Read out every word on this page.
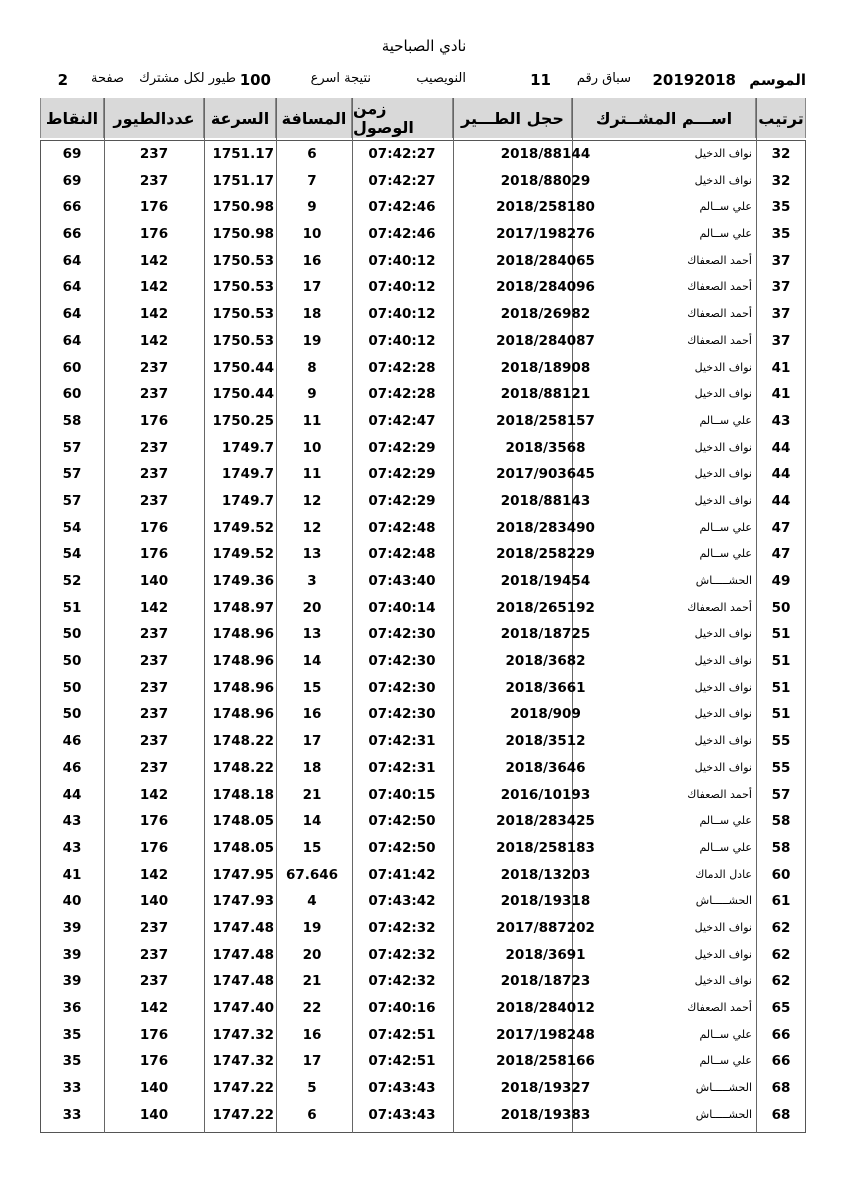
نادي الصباحية
الموسم
20192018
سباق رقم
11
النويصيب
نتيجة اسرع
100
طيور لكل مشترك
صفحة
2
ترتيب
اســـم المشــترك
حجل الطـــير
زمن الوصول
المسافة
السرعة
عددالطيور
النقاط
32
نواف الدخيل
2018/88144
07:42:27
6
1751.17
237
69
32
نواف الدخيل
2018/88029
07:42:27
7
1751.17
237
69
35
علي ســالم
2018/258180
07:42:46
9
1750.98
176
66
35
علي ســالم
2017/198276
07:42:46
10
1750.98
176
66
37
أحمد الصعفاك
2018/284065
07:40:12
16
1750.53
142
64
37
أحمد الصعفاك
2018/284096
07:40:12
17
1750.53
142
64
37
أحمد الصعفاك
2018/26982
07:40:12
18
1750.53
142
64
37
أحمد الصعفاك
2018/284087
07:40:12
19
1750.53
142
64
41
نواف الدخيل
2018/18908
07:42:28
8
1750.44
237
60
41
نواف الدخيل
2018/88121
07:42:28
9
1750.44
237
60
43
علي ســالم
2018/258157
07:42:47
11
1750.25
176
58
44
نواف الدخيل
2018/3568
07:42:29
10
1749.7
237
57
44
نواف الدخيل
2017/903645
07:42:29
11
1749.7
237
57
44
نواف الدخيل
2018/88143
07:42:29
12
1749.7
237
57
47
علي ســالم
2018/283490
07:42:48
12
1749.52
176
54
47
علي ســالم
2018/258229
07:42:48
13
1749.52
176
54
49
الحشـــــاش
2018/19454
07:43:40
3
1749.36
140
52
50
أحمد الصعفاك
2018/265192
07:40:14
20
1748.97
142
51
51
نواف الدخيل
2018/18725
07:42:30
13
1748.96
237
50
51
نواف الدخيل
2018/3682
07:42:30
14
1748.96
237
50
51
نواف الدخيل
2018/3661
07:42:30
15
1748.96
237
50
51
نواف الدخيل
2018/909
07:42:30
16
1748.96
237
50
55
نواف الدخيل
2018/3512
07:42:31
17
1748.22
237
46
55
نواف الدخيل
2018/3646
07:42:31
18
1748.22
237
46
57
أحمد الصعفاك
2016/10193
07:40:15
21
1748.18
142
44
58
علي ســالم
2018/283425
07:42:50
14
1748.05
176
43
58
علي ســالم
2018/258183
07:42:50
15
1748.05
176
43
60
عادل الدماك
2018/13203
07:41:42
67.646
1747.95
142
41
61
الحشـــــاش
2018/19318
07:43:42
4
1747.93
140
40
62
نواف الدخيل
2017/887202
07:42:32
19
1747.48
237
39
62
نواف الدخيل
2018/3691
07:42:32
20
1747.48
237
39
62
نواف الدخيل
2018/18723
07:42:32
21
1747.48
237
39
65
أحمد الصعفاك
2018/284012
07:40:16
22
1747.40
142
36
66
علي ســالم
2017/198248
07:42:51
16
1747.32
176
35
66
علي ســالم
2018/258166
07:42:51
17
1747.32
176
35
68
الحشـــــاش
2018/19327
07:43:43
5
1747.22
140
33
68
الحشـــــاش
2018/19383
07:43:43
6
1747.22
140
33
